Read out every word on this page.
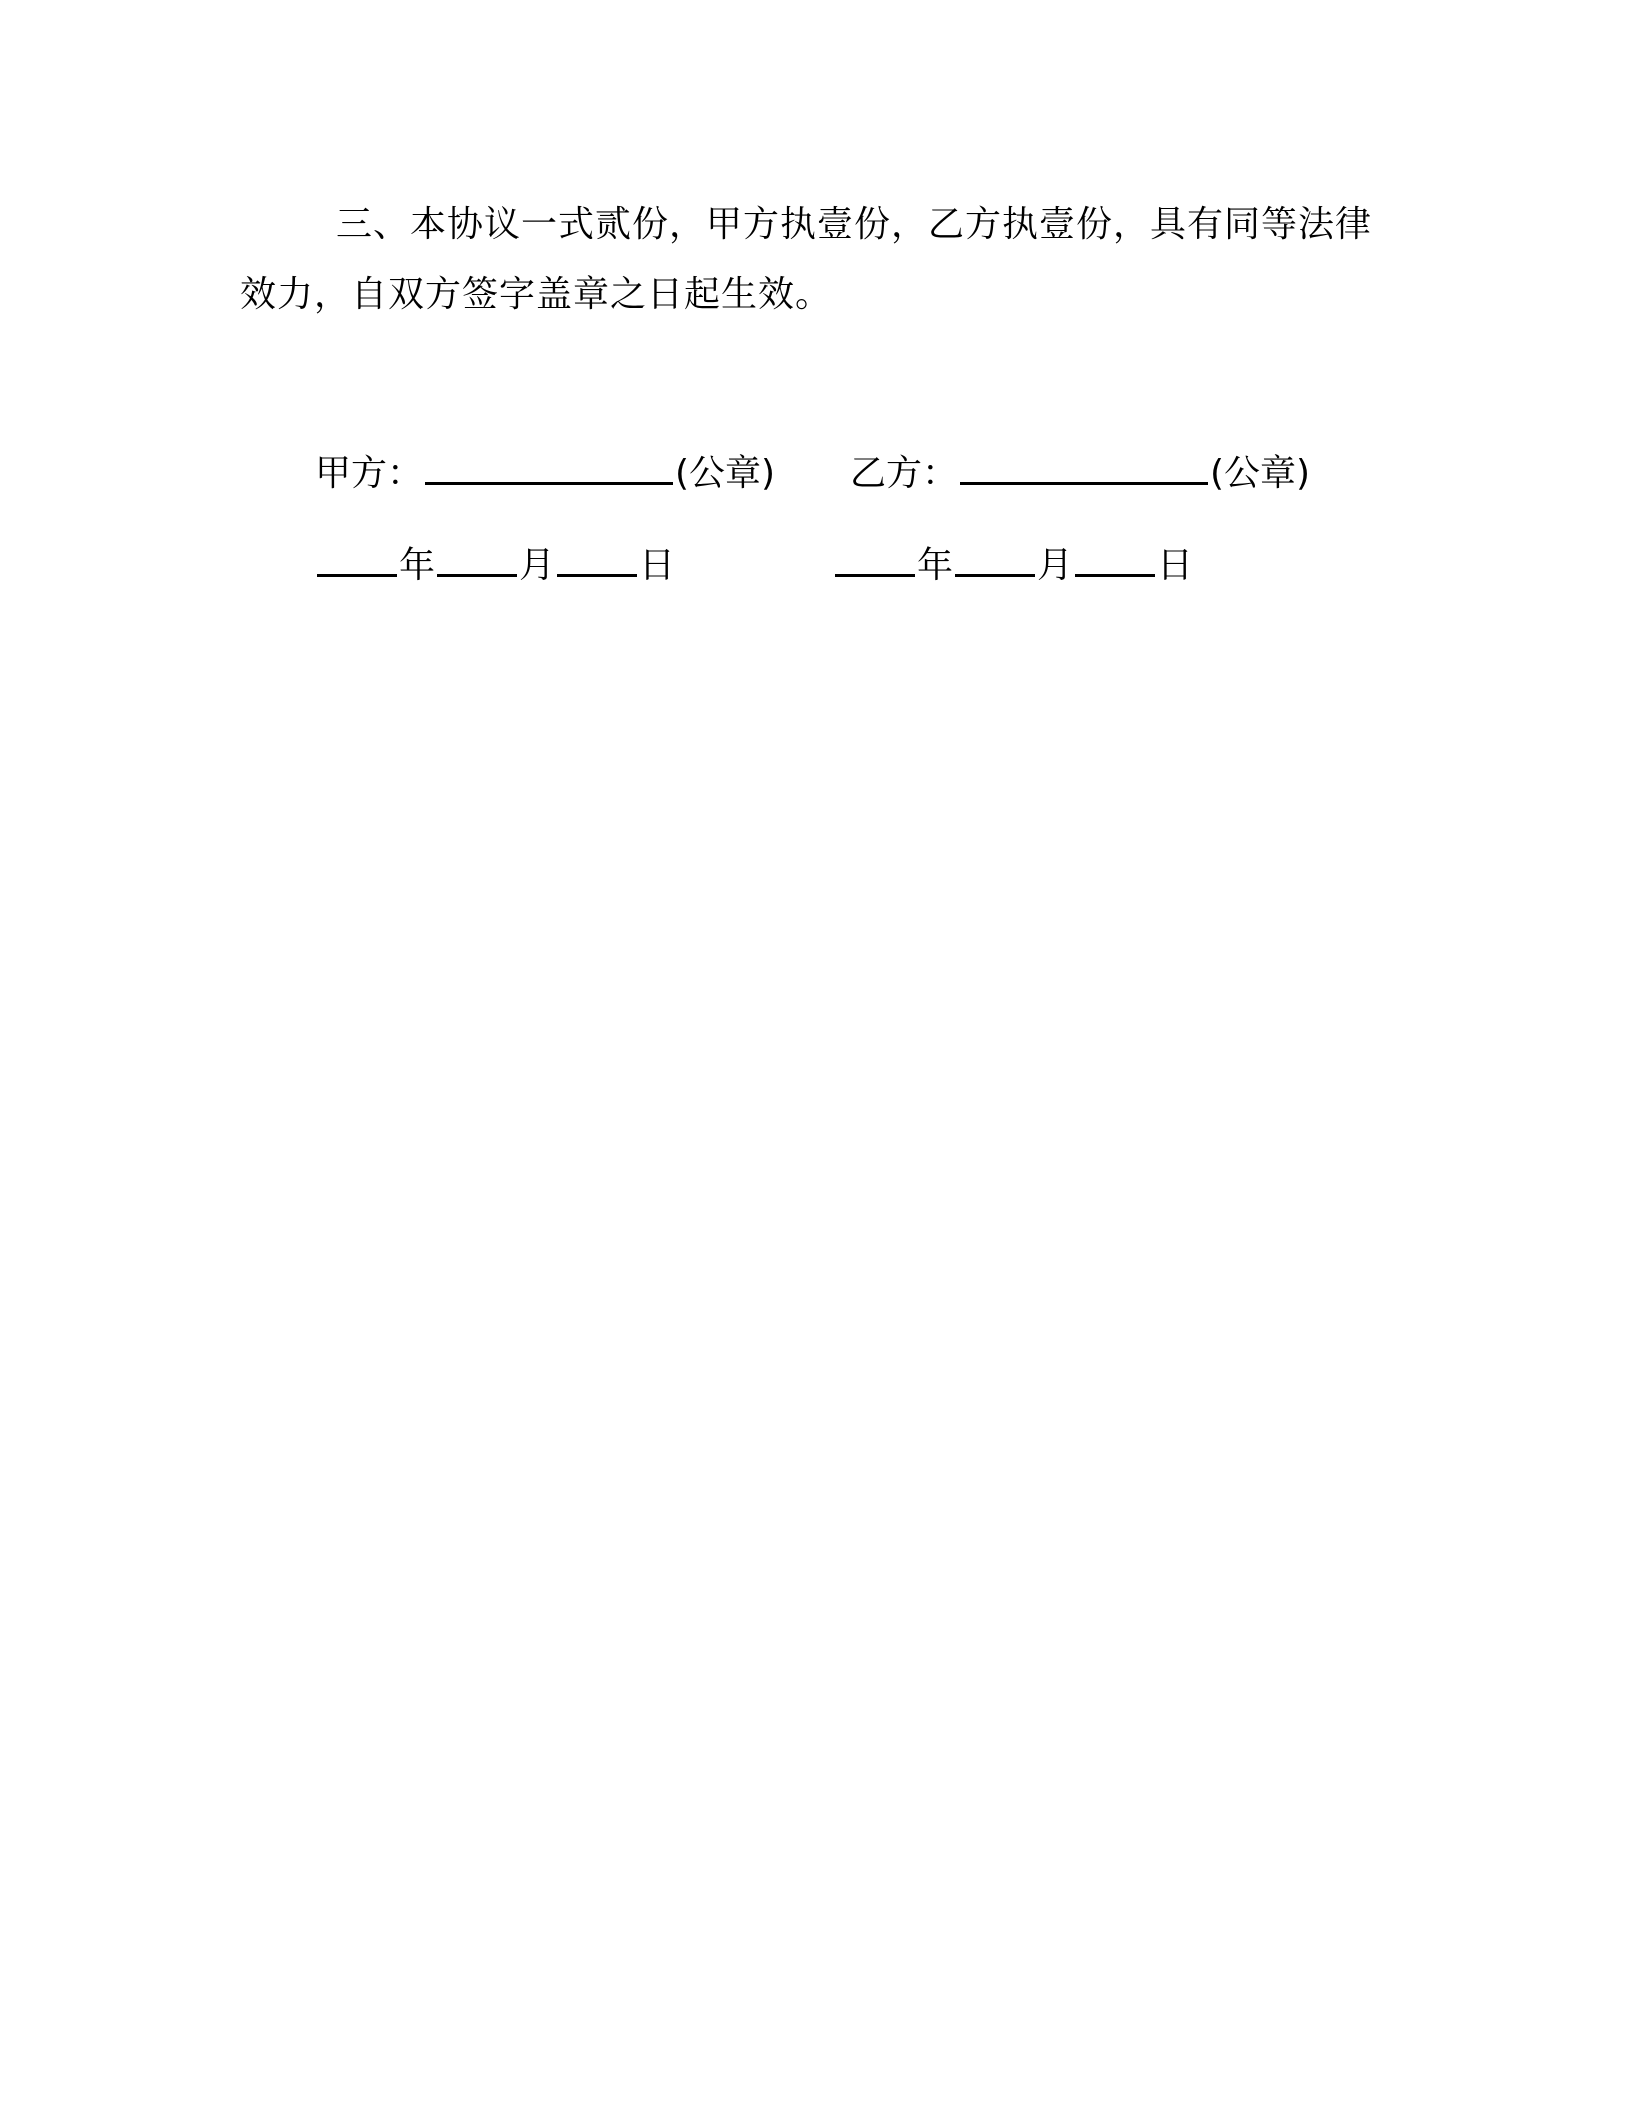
三、本协议一式贰份，甲方执壹份，乙方执壹份，具有同等法律效力，自双方签字盖章之日起生效。

甲方：	(公章) 乙方：	(公章)
年 月 日	年 月 日
